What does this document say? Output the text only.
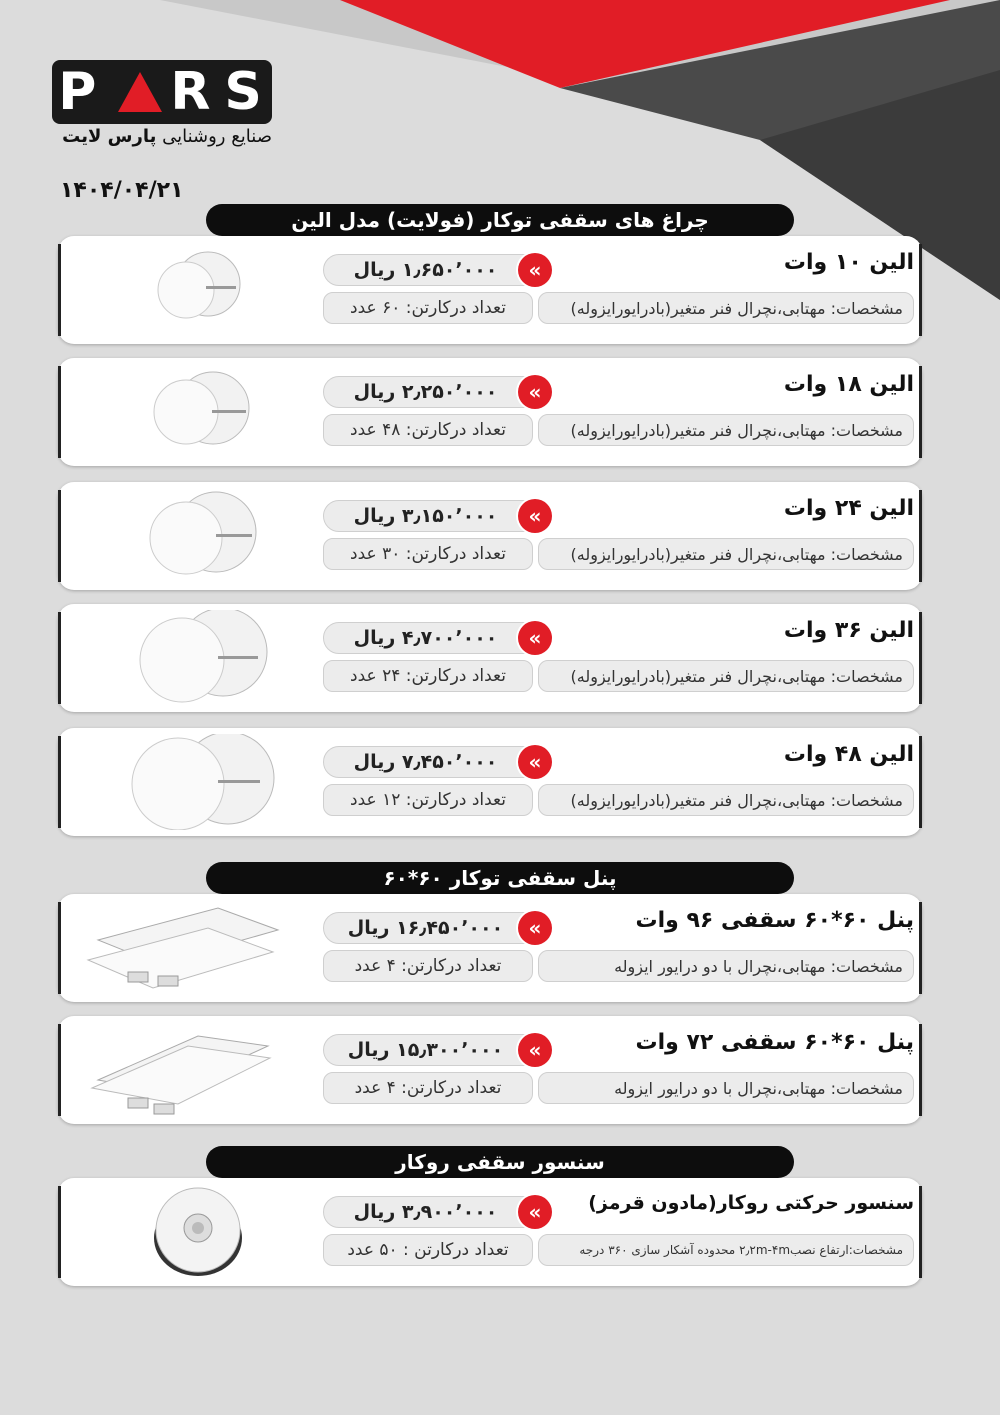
P RS
صنایع روشنایی پارس لایت
۱۴۰۴/۰۴/۲۱
چراغ های سقفی توکار (فولایت) مدل الین
الین ۱۰ وات
۱٫۶۵۰٬۰۰۰ ریال	«
تعداد درکارتن: ۶۰ عدد	مشخصات: مهتابی،نچرال فنر متغیر(بادرایورایزوله)
الین ۱۸ وات
۲٫۲۵۰٬۰۰۰ ریال	«
تعداد درکارتن: ۴۸ عدد	مشخصات: مهتابی،نچرال فنر متغیر(بادرایورایزوله)
الین ۲۴ وات
۳٫۱۵۰٬۰۰۰ ریال	«
تعداد درکارتن: ۳۰ عدد	مشخصات: مهتابی،نچرال فنر متغیر(بادرایورایزوله)
الین ۳۶ وات
۴٫۷۰۰٬۰۰۰ ریال	«
تعداد درکارتن: ۲۴ عدد	مشخصات: مهتابی،نچرال فنر متغیر(بادرایورایزوله)
الین ۴۸ وات
۷٫۴۵۰٬۰۰۰ ریال	«
تعداد درکارتن: ۱۲ عدد	مشخصات: مهتابی،نچرال فنر متغیر(بادرایورایزوله)
پنل سقفی توکار ۶۰*۶۰
پنل ۶۰*۶۰ سقفی ۹۶ وات
۱۶٫۴۵۰٬۰۰۰ ریال	«
تعداد درکارتن: ۴ عدد	مشخصات: مهتابی،نچرال با دو درایور ایزوله
پنل ۶۰*۶۰ سقفی ۷۲ وات
۱۵٫۳۰۰٬۰۰۰ ریال	«
تعداد درکارتن: ۴ عدد	مشخصات: مهتابی،نچرال با دو درایور ایزوله
سنسور سقفی روکار
سنسور حرکتی روکار(مادون قرمز)
۳٫۹۰۰٬۰۰۰ ریال	«
تعداد درکارتن : ۵۰ عدد	مشخصات:ارتفاع نصب۲٫۲m-۴m محدوده آشکار سازی ۳۶۰ درجه
